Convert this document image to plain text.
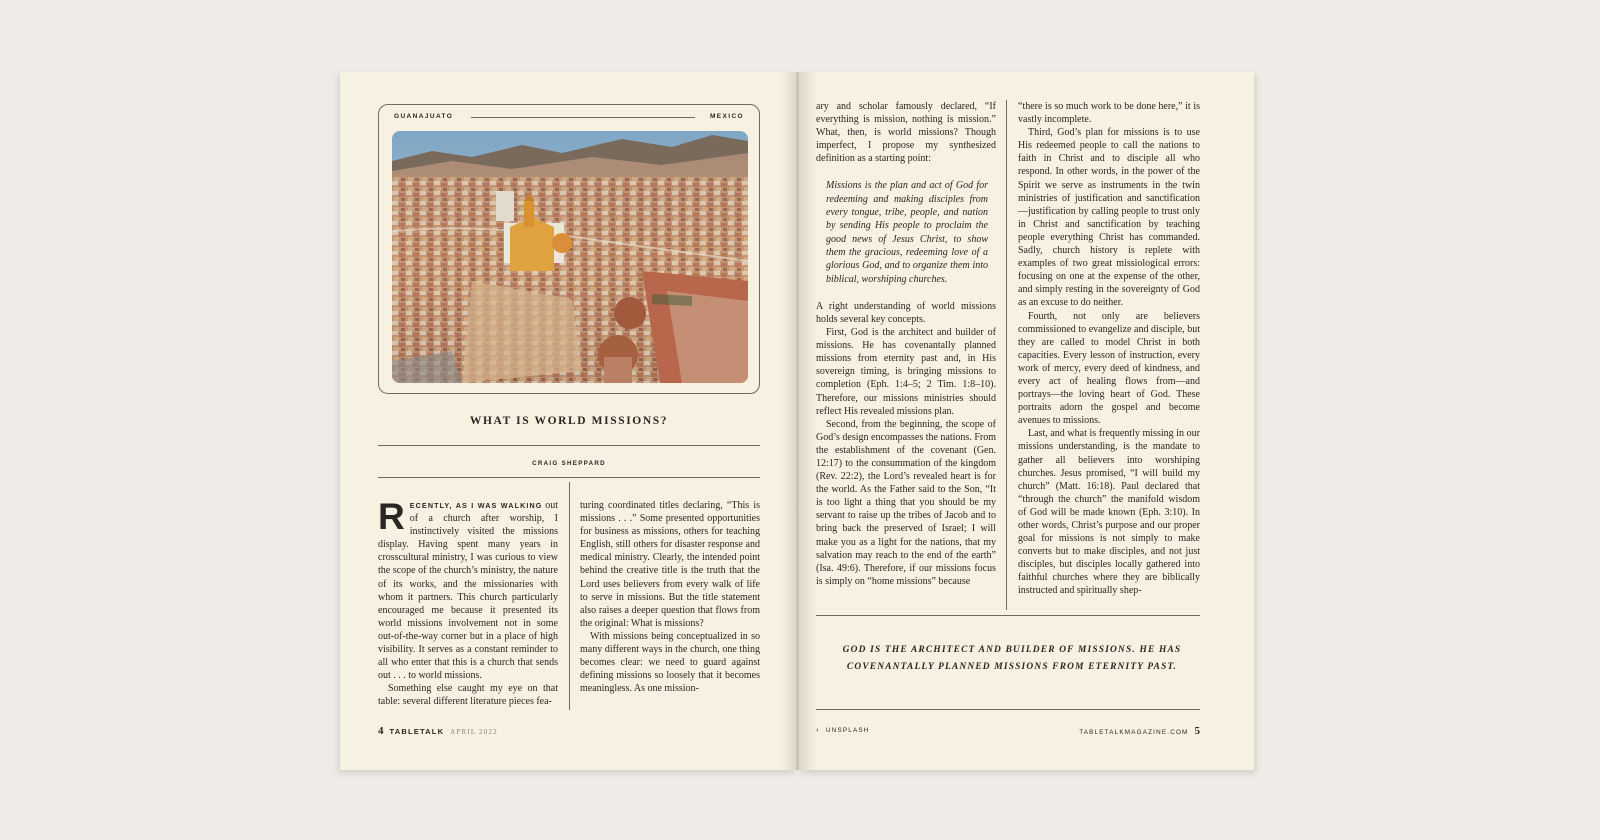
GUANAJUATO	MEXICO
WHAT IS WORLD MISSIONS?
CRAIG SHEPPARD

RECENTLY, AS I WAS WALKING out of a church after worship, I instinctively visited the missions display. Having spent many years in crosscultural ministry, I was curious to view the scope of the church’s ministry, the nature of its works, and the missionaries with whom it partners. This church particularly encouraged me because it presented its world missions involvement not in some out-of-the-way corner but in a place of high visibility. It serves as a constant reminder to all who enter that this is a church that sends out . . . to world missions.

Something else caught my eye on that table: several different literature pieces fea-

turing coordinated titles declaring, “This is missions . . .” Some presented opportunities for business as missions, others for teaching English, still others for disaster response and medical ministry. Clearly, the intended point behind the creative title is the truth that the Lord uses believers from every walk of life to serve in missions. But the title statement also raises a deeper question that flows from the original: What is missions?

With missions being conceptualized in so many different ways in the church, one thing becomes clear: we need to guard against defining missions so loosely that it becomes meaningless. As one mission-

4 TABLETALK APRIL 2022

ary and scholar famously declared, “If everything is mission, nothing is mission.” What, then, is world missions? Though imperfect, I propose my synthesized definition as a starting point:

Missions is the plan and act of God for redeeming and making disciples from every tongue, tribe, people, and nation by sending His people to proclaim the good news of Jesus Christ, to show them the gracious, redeeming love of a glorious God, and to organize them into biblical, worshiping churches.

A right understanding of world missions holds several key concepts.

First, God is the architect and builder of missions. He has covenantally planned missions from eternity past and, in His sovereign timing, is bringing missions to completion (Eph. 1:4–5; 2 Tim. 1:8–10). Therefore, our missions ministries should reflect His revealed missions plan.

Second, from the beginning, the scope of God’s design encompasses the nations. From the establishment of the covenant (Gen. 12:17) to the consummation of the kingdom (Rev. 22:2), the Lord’s revealed heart is for the world. As the Father said to the Son, “It is too light a thing that you should be my servant to raise up the tribes of Jacob and to bring back the preserved of Israel; I will make you as a light for the nations, that my salvation may reach to the end of the earth” (Isa. 49:6). Therefore, if our missions focus is simply on “home missions” because

“there is so much work to be done here,” it is vastly incomplete.

Third, God’s plan for missions is to use His redeemed people to call the nations to faith in Christ and to disciple all who respond. In other words, in the power of the Spirit we serve as instruments in the twin ministries of justification and sanctification—justification by calling people to trust only in Christ and sanctification by teaching people everything Christ has commanded. Sadly, church history is replete with examples of two great missiological errors: focusing on one at the expense of the other, and simply resting in the sovereignty of God as an excuse to do neither.

Fourth, not only are believers commissioned to evangelize and disciple, but they are called to model Christ in both capacities. Every lesson of instruction, every work of mercy, every deed of kindness, and every act of healing flows from—and portrays—the loving heart of God. These portraits adorn the gospel and become avenues to missions.

Last, and what is frequently missing in our missions understanding, is the mandate to gather all believers into worshiping churches. Jesus promised, “I will build my church” (Matt. 16:18). Paul declared that “through the church” the manifold wisdom of God will be made known (Eph. 3:10). In other words, Christ’s purpose and our proper goal for missions is not simply to make converts but to make disciples, and not just disciples, but disciples locally gathered into faithful churches where they are biblically instructed and spiritually shep-

GOD IS THE ARCHITECT AND BUILDER OF MISSIONS. HE HAS COVENANTALLY PLANNED MISSIONS FROM ETERNITY PAST.
‹ UNSPLASH	TABLETALKMAGAZINE.COM 5
